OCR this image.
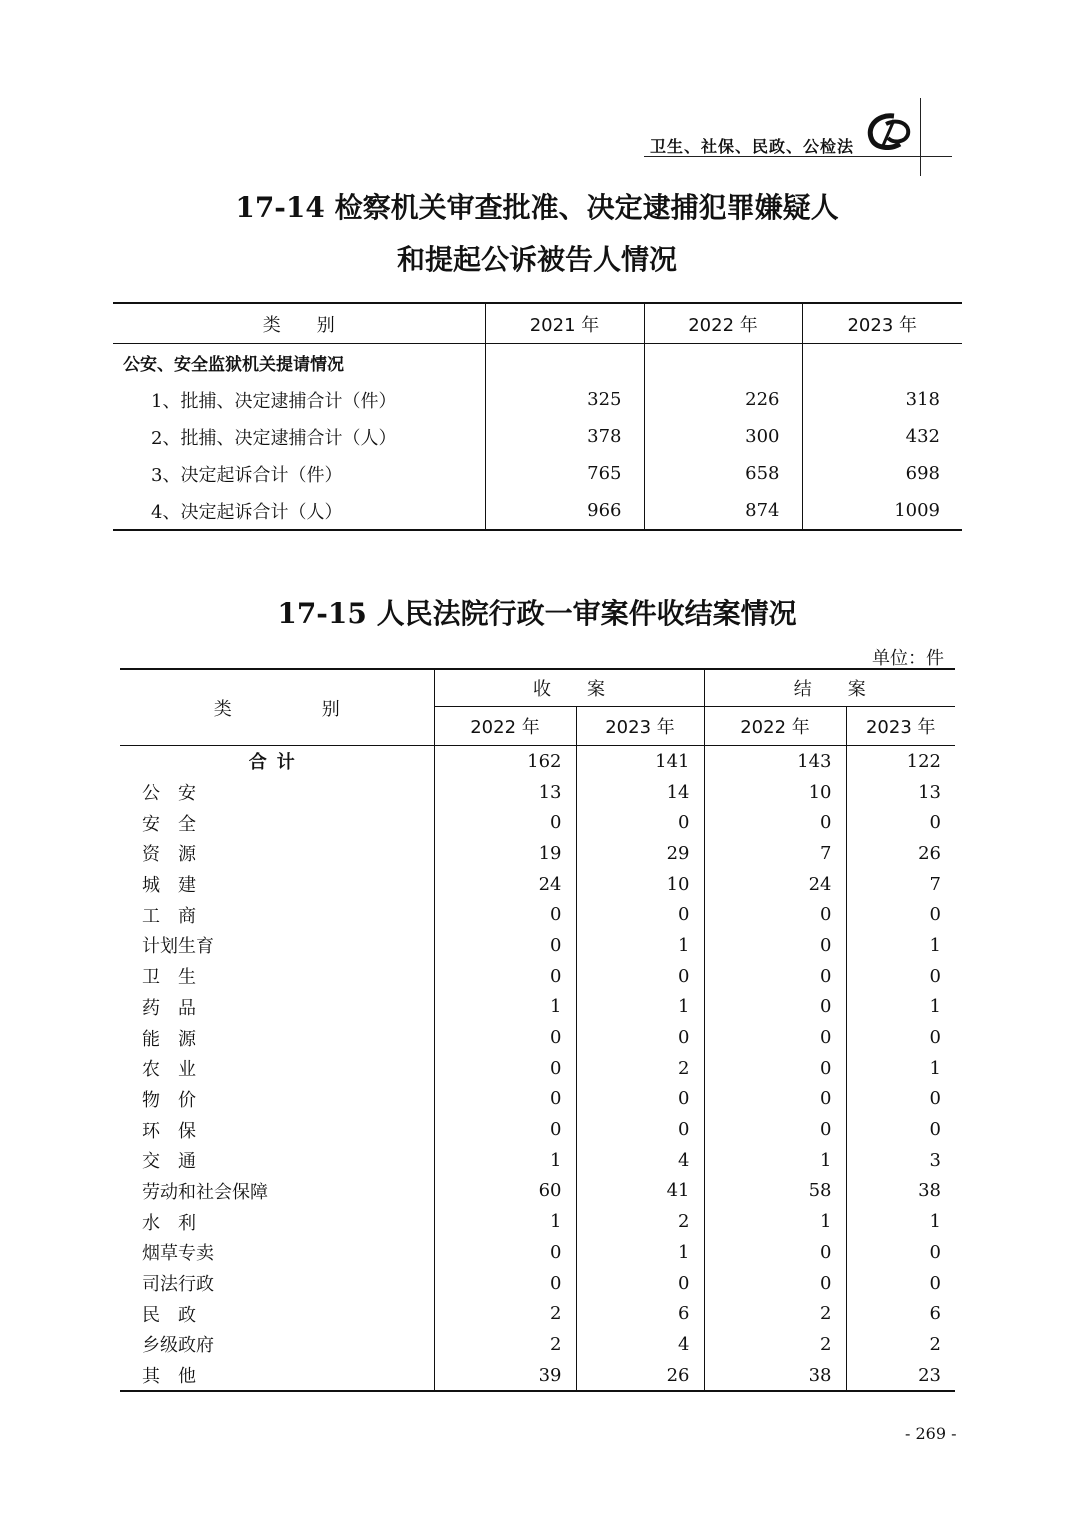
卫生、社保、民政、公检法
17-14 检察机关审查批准、决定逮捕犯罪嫌疑人
和提起公诉被告人情况
类　　别	2021 年	2022 年	2023 年
公安、安全监狱机关提请情况			
1、批捕、决定逮捕合计（件）	325	226	318
2、批捕、决定逮捕合计（人）	378	300	432
3、决定起诉合计（件）	765	658	698
4、决定起诉合计（人）	966	874	1009
17-15 人民法院行政一审案件收结案情况
单位：件
类　　　　　别	收　　案		结　　案	
	2022 年	2023 年	2022 年	2023 年
合计	162	141	143	122
公　安	13	14	10	13
安　全	0	0	0	0
资　源	19	29	7	26
城　建	24	10	24	7
工　商	0	0	0	0
计划生育	0	1	0	1
卫　生	0	0	0	0
药　品	1	1	0	1
能　源	0	0	0	0
农　业	0	2	0	1
物　价	0	0	0	0
环　保	0	0	0	0
交　通	1	4	1	3
劳动和社会保障	60	41	58	38
水　利	1	2	1	1
烟草专卖	0	1	0	0
司法行政	0	0	0	0
民　政	2	6	2	6
乡级政府	2	4	2	2
其　他	39	26	38	23
- 269 -
